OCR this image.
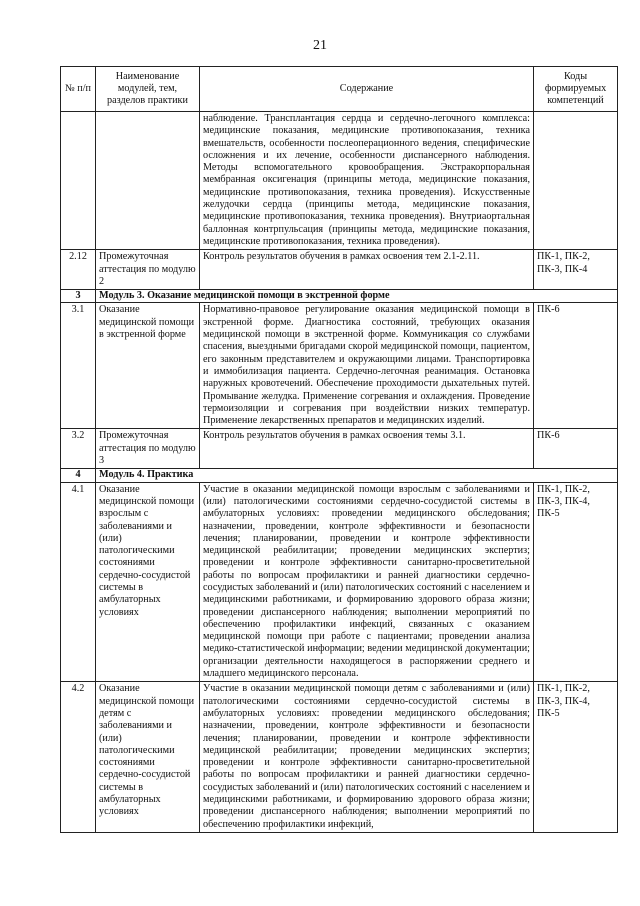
21
№ п/п	Наименование модулей, тем, разделов практики	Содержание	Коды формируемых компетенций
		наблюдение. Трансплантация сердца и сердечно-легочного комплекса: медицинские показания, медицинские противопоказания, техника вмешательств, особенности послеоперационного ведения, специфические осложнения и их лечение, особенности диспансерного наблюдения. Методы вспомогательного кровообращения. Экстракорпоральная мембранная оксигенация (принципы метода, медицинские показания, медицинские противопоказания, техника проведения). Искусственные желудочки сердца (принципы метода, медицинские показания, медицинские противопоказания, техника проведения). Внутриаортальная баллонная контрпульсация (принципы метода, медицинские показания, медицинские противопоказания, техника проведения).	
2.12	Промежуточная аттестация по модулю 2	Контроль результатов обучения в рамках освоения тем 2.1-2.11.	ПК-1, ПК-2, ПК-3, ПК-4
3	Модуль 3. Оказание медицинской помощи в экстренной форме		
3.1	Оказание медицинской помощи в экстренной форме	Нормативно-правовое регулирование оказания медицинской помощи в экстренной форме. Диагностика состояний, требующих оказания медицинской помощи в экстренной форме. Коммуникация со службами спасения, выездными бригадами скорой медицинской помощи, пациентом, его законным представителем и окружающими лицами. Транспортировка и иммобилизация пациента. Сердечно-легочная реанимация. Остановка наружных кровотечений. Обеспечение проходимости дыхательных путей. Промывание желудка. Применение согревания и охлаждения. Проведение термоизоляции и согревания при воздействии низких температур. Применение лекарственных препаратов и медицинских изделий.	ПК-6
3.2	Промежуточная аттестация по модулю 3	Контроль результатов обучения в рамках освоения темы 3.1.	ПК-6
4	Модуль 4. Практика		
4.1	Оказание медицинской помощи взрослым с заболеваниями и (или) патологическими состояниями сердечно-сосудистой системы в амбулаторных условиях	Участие в оказании медицинской помощи взрослым с заболеваниями и (или) патологическими состояниями сердечно-сосудистой системы в амбулаторных условиях: проведении медицинского обследования; назначении, проведении, контроле эффективности и безопасности лечения; планировании, проведении и контроле эффективности медицинской реабилитации; проведении медицинских экспертиз; проведении и контроле эффективности санитарно-просветительной работы по вопросам профилактики и ранней диагностики сердечно-сосудистых заболеваний и (или) патологических состояний с населением и медицинскими работниками, и формированию здорового образа жизни; проведении диспансерного наблюдения; выполнении мероприятий по обеспечению профилактики инфекций, связанных с оказанием медицинской помощи при работе с пациентами; проведении анализа медико-статистической информации; ведении медицинской документации; организации деятельности находящегося в распоряжении среднего и младшего медицинского персонала.	ПК-1, ПК-2, ПК-3, ПК-4, ПК-5
4.2	Оказание медицинской помощи детям с заболеваниями и (или) патологическими состояниями сердечно-сосудистой системы в амбулаторных условиях	Участие в оказании медицинской помощи детям с заболеваниями и (или) патологическими состояниями сердечно-сосудистой системы в амбулаторных условиях: проведении медицинского обследования; назначении, проведении, контроле эффективности и безопасности лечения; планировании, проведении и контроле эффективности медицинской реабилитации; проведении медицинских экспертиз; проведении и контроле эффективности санитарно-просветительной работы по вопросам профилактики и ранней диагностики сердечно-сосудистых заболеваний и (или) патологических состояний с населением и медицинскими работниками, и формированию здорового образа жизни; проведении диспансерного наблюдения; выполнении мероприятий по обеспечению профилактики инфекций,	ПК-1, ПК-2, ПК-3, ПК-4, ПК-5
